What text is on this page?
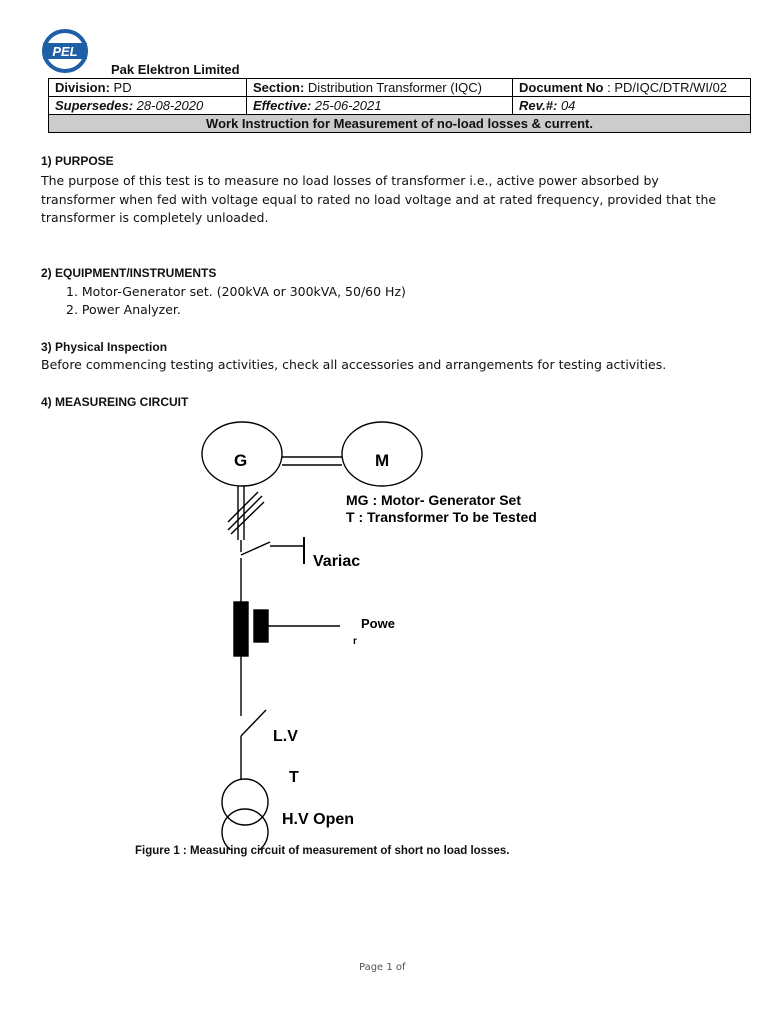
PEL
Pak Elektron Limited
Division: PD	Section: Distribution Transformer (IQC)	Document No : PD/IQC/DTR/WI/02
Supersedes: 28-08-2020	Effective: 25-06-2021	Rev.#: 04
Work Instruction for Measurement of no-load losses & current.		
1) PURPOSE
The purpose of this test is to measure no load losses of transformer i.e., active power absorbed by
transformer when fed with voltage equal to rated no load voltage and at rated frequency, provided that the
transformer is completely unloaded.
2) EQUIPMENT/INSTRUMENTS
1. Motor-Generator set. (200kVA or 300kVA, 50/60 Hz)
2. Power Analyzer.
3) Physical Inspection
Before commencing testing activities, check all accessories and arrangements for testing activities.
4) MEASUREING CIRCUIT
G	M
MG : Motor- Generator Set
T : Transformer To be Tested
Variac
Powe
r
L.V
T
H.V Open
Figure 1 : Measuring circuit of measurement of short no load losses.
Page 1 of
